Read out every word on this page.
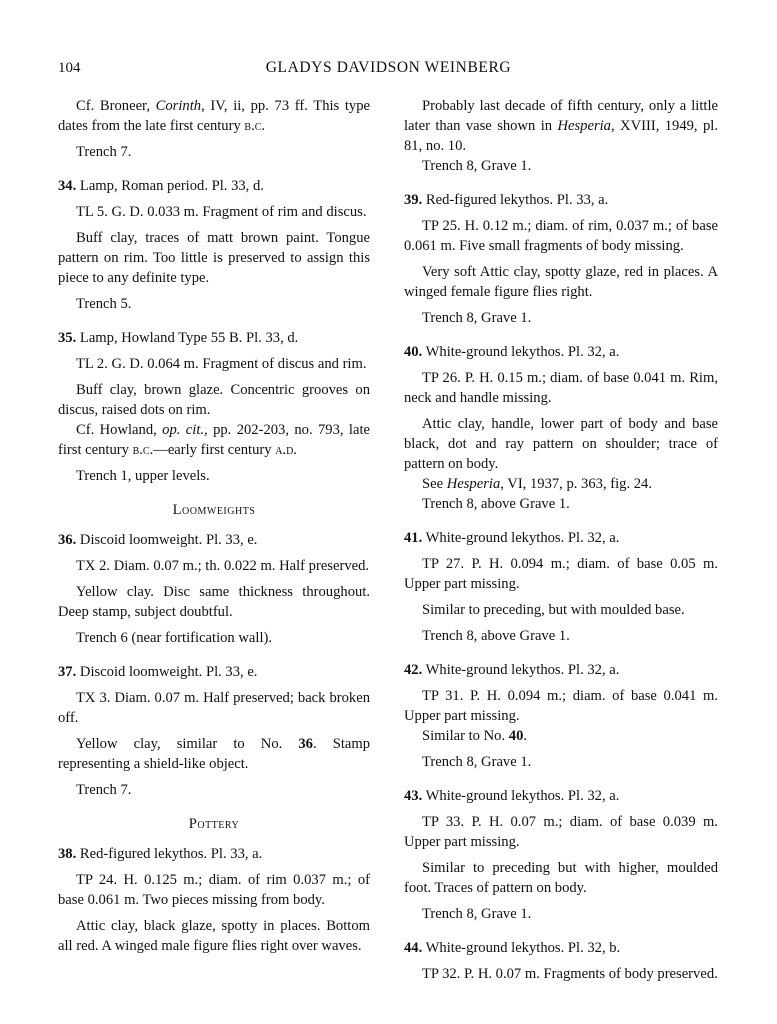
104	GLADYS DAVIDSON WEINBERG

Cf. Broneer, Corinth, IV, ii, pp. 73 ff. This type dates from the late first century b.c.

Trench 7.

34. Lamp, Roman period. Pl. 33, d.

TL 5. G. D. 0.033 m. Fragment of rim and discus.

Buff clay, traces of matt brown paint. Tongue pattern on rim. Too little is preserved to assign this piece to any definite type.

Trench 5.

35. Lamp, Howland Type 55 B. Pl. 33, d.

TL 2. G. D. 0.064 m. Fragment of discus and rim.

Buff clay, brown glaze. Concentric grooves on discus, raised dots on rim.

Cf. Howland, op. cit., pp. 202-203, no. 793, late first century b.c.—early first century a.d.

Trench 1, upper levels.

Loomweights

36. Discoid loomweight. Pl. 33, e.

TX 2. Diam. 0.07 m.; th. 0.022 m. Half preserved.

Yellow clay. Disc same thickness throughout. Deep stamp, subject doubtful.

Trench 6 (near fortification wall).

37. Discoid loomweight. Pl. 33, e.

TX 3. Diam. 0.07 m. Half preserved; back broken off.

Yellow clay, similar to No. 36. Stamp representing a shield-like object.

Trench 7.

Pottery

38. Red-figured lekythos. Pl. 33, a.

TP 24. H. 0.125 m.; diam. of rim 0.037 m.; of base 0.061 m. Two pieces missing from body.

Attic clay, black glaze, spotty in places. Bottom all red. A winged male figure flies right over waves.

Probably last decade of fifth century, only a little later than vase shown in Hesperia, XVIII, 1949, pl. 81, no. 10.

Trench 8, Grave 1.

39. Red-figured lekythos. Pl. 33, a.

TP 25. H. 0.12 m.; diam. of rim, 0.037 m.; of base 0.061 m. Five small fragments of body missing.

Very soft Attic clay, spotty glaze, red in places. A winged female figure flies right.

Trench 8, Grave 1.

40. White-ground lekythos. Pl. 32, a.

TP 26. P. H. 0.15 m.; diam. of base 0.041 m. Rim, neck and handle missing.

Attic clay, handle, lower part of body and base black, dot and ray pattern on shoulder; trace of pattern on body.

See Hesperia, VI, 1937, p. 363, fig. 24.

Trench 8, above Grave 1.

41. White-ground lekythos. Pl. 32, a.

TP 27. P. H. 0.094 m.; diam. of base 0.05 m. Upper part missing.

Similar to preceding, but with moulded base.

Trench 8, above Grave 1.

42. White-ground lekythos. Pl. 32, a.

TP 31. P. H. 0.094 m.; diam. of base 0.041 m. Upper part missing.

Similar to No. 40.

Trench 8, Grave 1.

43. White-ground lekythos. Pl. 32, a.

TP 33. P. H. 0.07 m.; diam. of base 0.039 m. Upper part missing.

Similar to preceding but with higher, moulded foot. Traces of pattern on body.

Trench 8, Grave 1.

44. White-ground lekythos. Pl. 32, b.

TP 32. P. H. 0.07 m. Fragments of body preserved.
